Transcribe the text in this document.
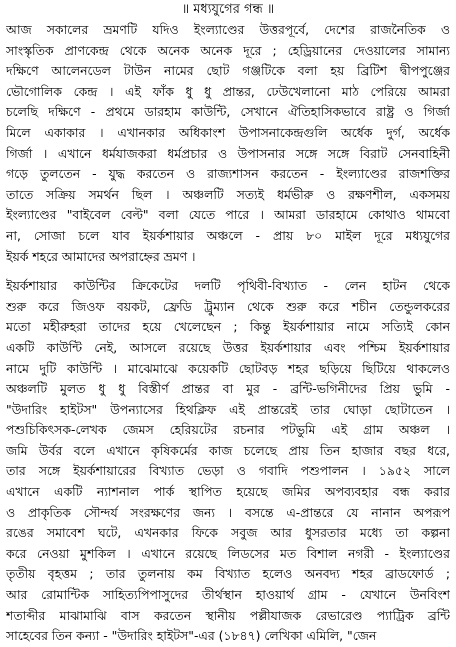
॥ মধ্যযুগের গন্ধ ॥
আজ সকালের ভ্রমণটি যদিও ইংল্যাণ্ডের উত্তরপূর্বে, দেশের রাজনৈতিক ও
সাংস্কৃতিক প্রাণকেন্দ্র থেকে অনেক অনেক দূরে ; হেড্রিয়ানের দেওয়ালের সামান্য
দক্ষিণে আলেনডেল টাউন নামের ছোট গঞ্জটিকে বলা হয় ব্রিটিশ দ্বীপপুঞ্জের
ভৌগোলিক কেন্দ্র । এই ফাঁক ধু ধু প্রান্তর, ঢেউখেলানো মাঠ পেরিয়ে আমরা
চলেছি দক্ষিণে - প্রথমে ডারহাম কাউন্টি, সেখানে ঐতিহাসিকভাবে রাষ্ট্র ও গির্জা
মিলে একাকার । এখানকার অধিকাংশ উপাসনাকেন্দ্রগুলি অর্ধেক দুর্গ, অর্ধেক
গির্জা । এখানে ধর্মযাজকরা ধর্মপ্রচার ও উপাসনার সঙ্গে সঙ্গে বিরাট সেনবাহিনী
গড়ে তুলতেন - যুদ্ধ করতেন ও রাজ্যশাসন করতেন - ইংল্যাণ্ডের রাজশক্তির
তাতে সক্রিয় সমর্থন ছিল । অঞ্চলটি সত্যই ধর্মভীরু ও রক্ষণশীল, একসময়
ইংল্যাণ্ডের "বাইবেল বেল্ট" বলা যেতে পারে । আমরা ডারহামে কোথাও থামবো
না, সোজা চলে যাব ইয়র্কশায়ার অঞ্চলে - প্রায় ৮০ মাইল দূরে মধ্যযুগের
ইয়র্ক শহরে আমাদের অপরাহ্নের ভ্রমণ ।
ইয়র্কশায়ার কাউন্টির ক্রিকেটের দলটি পৃথিবী-বিখ্যাত - লেন হাটন থেকে
শুরু করে জিওফ বয়কট, ফ্রেডি ট্রুম্যান থেকে শুরু করে শচীন তেন্ডুলকরের
মতো মহীরুহরা তাদের হয়ে খেলেছেন ; কিন্তু ইয়র্কশায়ার নামে সত্যিই কোন
একটি কাউন্টি নেই, আসলে রয়েছে উত্তর ইয়র্কশায়ার এবং পশ্চিম ইয়র্কশায়ার
নামে দুটি কাউন্টি । মাঝেমাঝে কয়েকটি ছোটবড় শহর ছড়িয়ে ছিটিয়ে থাকলেও
অঞ্চলটি মুলত ধু ধু বিস্তীর্ণ প্রান্তর বা মুর - ব্রন্টি-ভগিনীদের প্রিয় ভুমি -
"উদারিং হাইটস" উপন্যাসের হিথক্লিফ এই প্রান্তরেই তার ঘোড়া ছোটাতেন ।
পশুচিকিৎসক-লেখক জেমস হেরিয়টের রচনার পটভুমি এই গ্রাম অঞ্চল ।
জমি উর্বর বলে এখানে কৃষিকর্মের কাজ চলেছে প্রায় তিন হাজার বছর ধরে,
তার সঙ্গে ইয়র্কশায়ারের বিখ্যাত ভেড়া ও গবাদি পশুপালন । ১৯৫২ সালে
এখানে একটি ন্যাশনাল পার্ক স্থাপিত হয়েছে জমির অপব্যবহার বন্ধ করার
ও প্রাকৃতিক সৌন্দর্য সংরক্ষণের জন্য । বসন্তে এ-প্রান্তরে যে নানান অপরূপ
রঙের সমাবেশ ঘটে, এখনকার ফিকে সবুজ আর ধুসরতার মধ্যে তা কল্পনা
করে নেওয়া মুশকিল । এখানে রয়েছে লিডসের মত বিশাল নগরী - ইংল্যাণ্ডের
তৃতীয় বৃহত্তম ; তার তুলনায় কম বিখ্যাত হলেও অনবদ্য শহর ব্রাডফোর্ড ;
আর রোমান্টিক সাহিত্যপিপাসুদের তীর্থস্থান হাওয়ার্থ গ্রাম - যেখানে উনবিংশ
শতাব্দীর মাঝামাঝি বাস করতেন স্থানীয় পল্লীযাজক রেভারেণ্ড প্যাট্রিক ব্রন্টি
সাহেবের তিন কন্যা - "উদারিং হাইটস"-এর (১৮৪৭) লেখিকা এমিলি, "জেন
